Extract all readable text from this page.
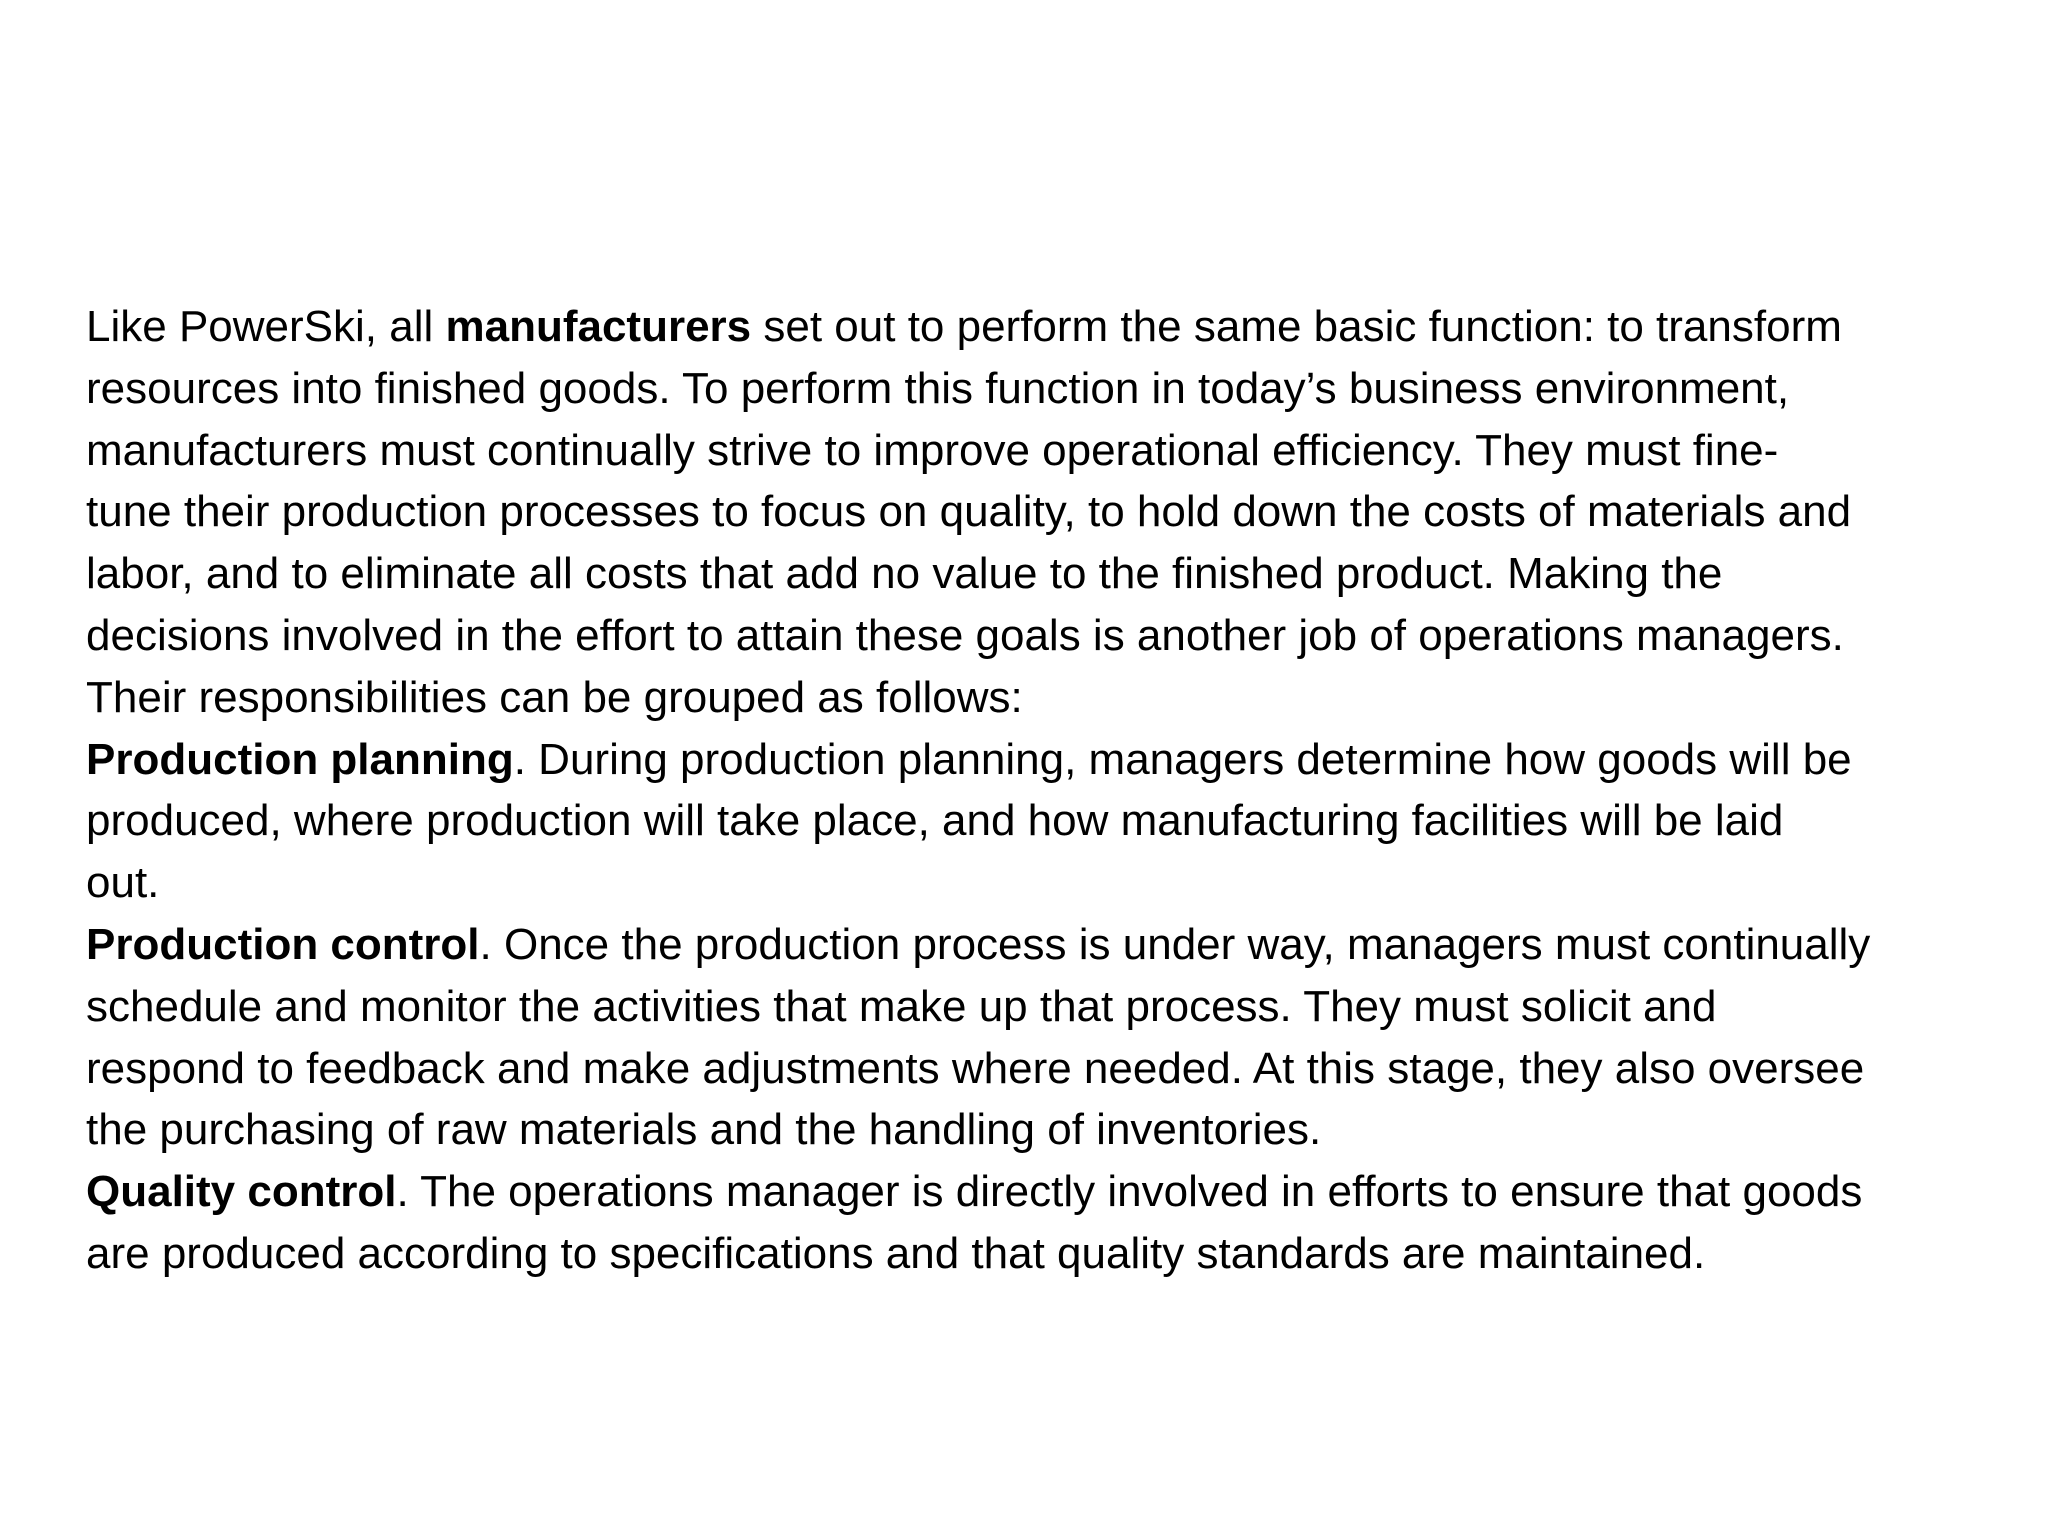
Like PowerSki, all manufacturers set out to perform the same basic function: to transform
resources into finished goods. To perform this function in today’s business environment,
manufacturers must continually strive to improve operational efficiency. They must fine-
tune their production processes to focus on quality, to hold down the costs of materials and
labor, and to eliminate all costs that add no value to the finished product. Making the
decisions involved in the effort to attain these goals is another job of operations managers.
Their responsibilities can be grouped as follows:
Production planning. During production planning, managers determine how goods will be
produced, where production will take place, and how manufacturing facilities will be laid
out.
Production control. Once the production process is under way, managers must continually
schedule and monitor the activities that make up that process. They must solicit and
respond to feedback and make adjustments where needed. At this stage, they also oversee
the purchasing of raw materials and the handling of inventories.
Quality control. The operations manager is directly involved in efforts to ensure that goods
are produced according to specifications and that quality standards are maintained.
